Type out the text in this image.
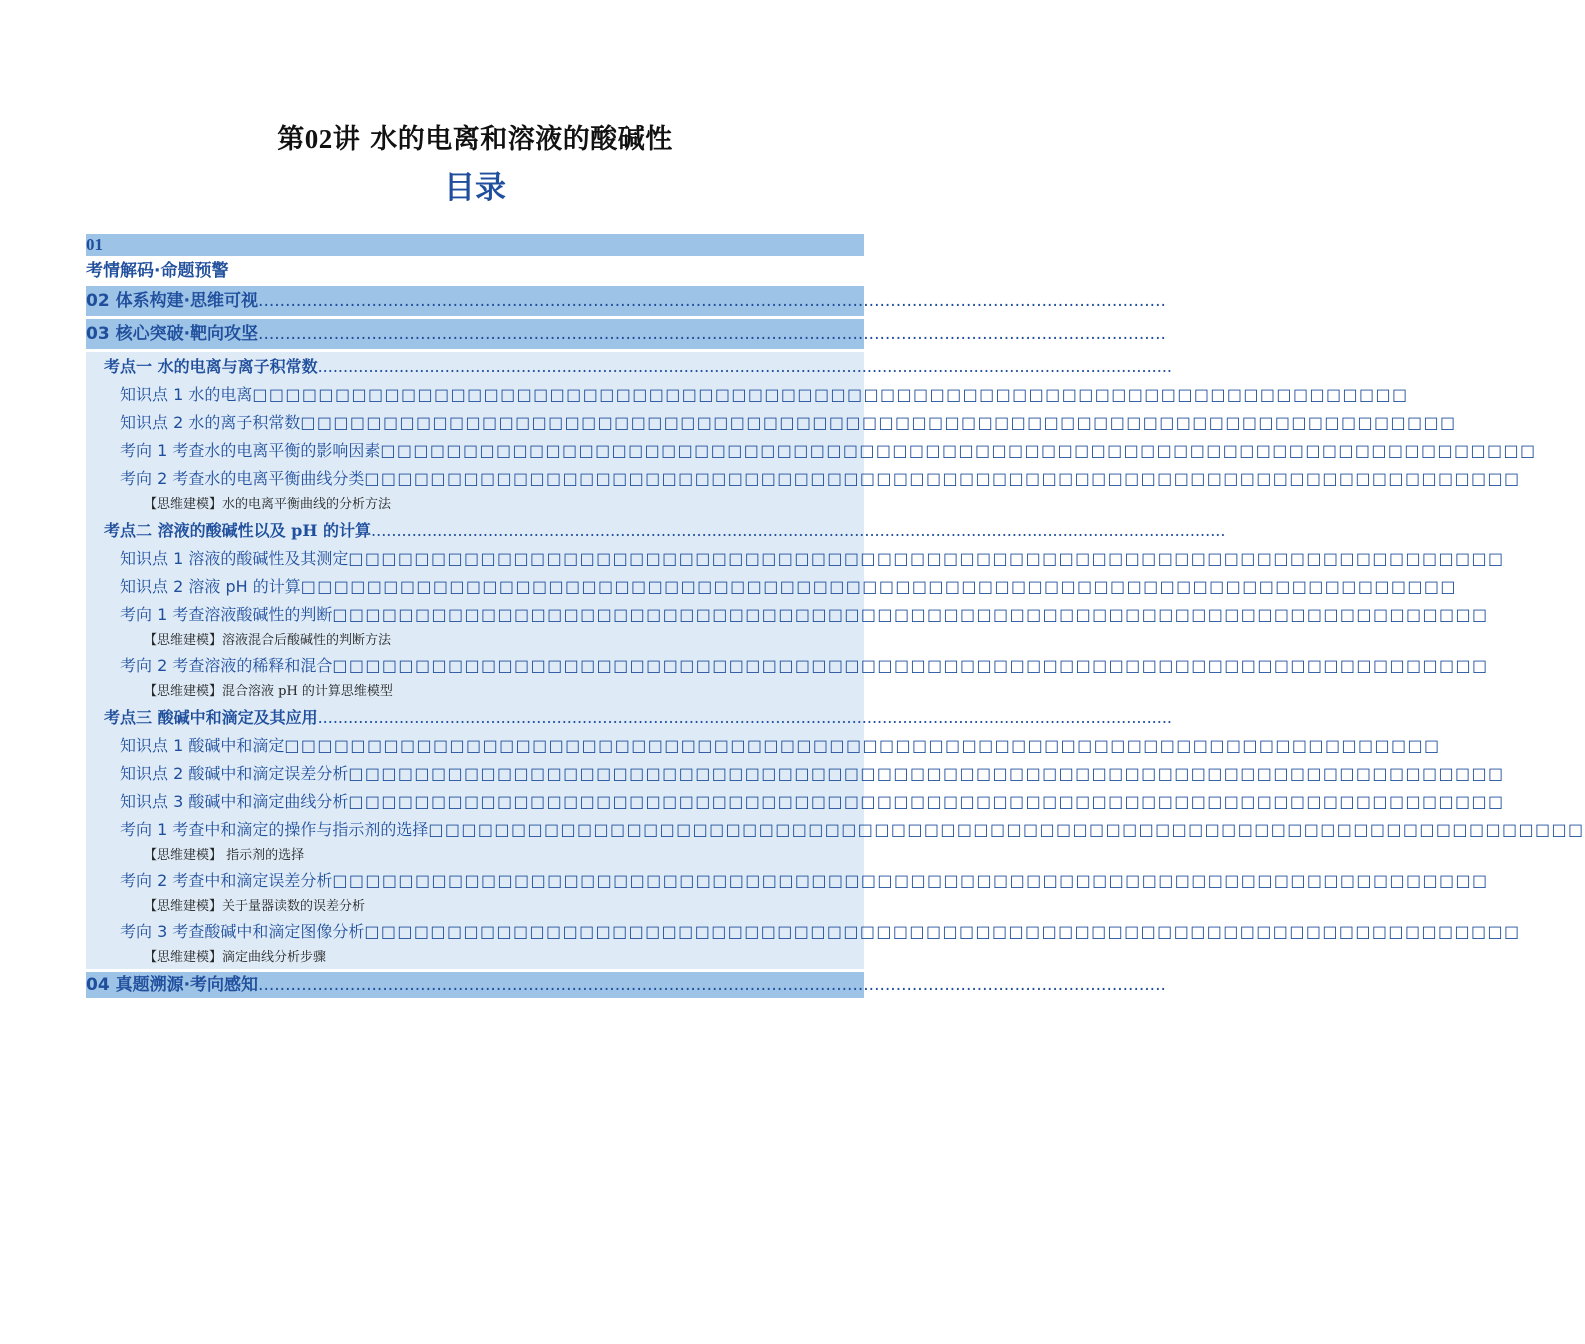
第02讲 水的电离和溶液的酸碱性
目录
01
考情解码·命题预警
02 体系构建·思维可视........................................................................................................................................................................
03 核心突破·靶向攻坚........................................................................................................................................................................
考点一 水的电离与离子积常数........................................................................................................................................................................
知识点 1 水的电离□□□□□□□□□□□□□□□□□□□□□□□□□□□□□□□□□□□□□□□□□□□□□□□□□□□□□□□□□□□□□□□□□□□□□□
知识点 2 水的离子积常数□□□□□□□□□□□□□□□□□□□□□□□□□□□□□□□□□□□□□□□□□□□□□□□□□□□□□□□□□□□□□□□□□□□□□□
考向 1 考查水的电离平衡的影响因素□□□□□□□□□□□□□□□□□□□□□□□□□□□□□□□□□□□□□□□□□□□□□□□□□□□□□□□□□□□□□□□□□□□□□□
考向 2 考查水的电离平衡曲线分类□□□□□□□□□□□□□□□□□□□□□□□□□□□□□□□□□□□□□□□□□□□□□□□□□□□□□□□□□□□□□□□□□□□□□□
【思维建模】水的电离平衡曲线的分析方法
考点二 溶液的酸碱性以及 pH 的计算........................................................................................................................................................................
知识点 1 溶液的酸碱性及其测定□□□□□□□□□□□□□□□□□□□□□□□□□□□□□□□□□□□□□□□□□□□□□□□□□□□□□□□□□□□□□□□□□□□□□□
知识点 2 溶液 pH 的计算□□□□□□□□□□□□□□□□□□□□□□□□□□□□□□□□□□□□□□□□□□□□□□□□□□□□□□□□□□□□□□□□□□□□□□
考向 1 考查溶液酸碱性的判断□□□□□□□□□□□□□□□□□□□□□□□□□□□□□□□□□□□□□□□□□□□□□□□□□□□□□□□□□□□□□□□□□□□□□□
【思维建模】溶液混合后酸碱性的判断方法
考向 2 考查溶液的稀释和混合□□□□□□□□□□□□□□□□□□□□□□□□□□□□□□□□□□□□□□□□□□□□□□□□□□□□□□□□□□□□□□□□□□□□□□
【思维建模】混合溶液 pH 的计算思维模型
考点三 酸碱中和滴定及其应用........................................................................................................................................................................
知识点 1 酸碱中和滴定□□□□□□□□□□□□□□□□□□□□□□□□□□□□□□□□□□□□□□□□□□□□□□□□□□□□□□□□□□□□□□□□□□□□□□
知识点 2 酸碱中和滴定误差分析□□□□□□□□□□□□□□□□□□□□□□□□□□□□□□□□□□□□□□□□□□□□□□□□□□□□□□□□□□□□□□□□□□□□□□
知识点 3 酸碱中和滴定曲线分析□□□□□□□□□□□□□□□□□□□□□□□□□□□□□□□□□□□□□□□□□□□□□□□□□□□□□□□□□□□□□□□□□□□□□□
考向 1 考查中和滴定的操作与指示剂的选择□□□□□□□□□□□□□□□□□□□□□□□□□□□□□□□□□□□□□□□□□□□□□□□□□□□□□□□□□□□□□□□□□□□□□□
【思维建模】 指示剂的选择
考向 2 考查中和滴定误差分析□□□□□□□□□□□□□□□□□□□□□□□□□□□□□□□□□□□□□□□□□□□□□□□□□□□□□□□□□□□□□□□□□□□□□□
【思维建模】关于量器读数的误差分析
考向 3 考查酸碱中和滴定图像分析□□□□□□□□□□□□□□□□□□□□□□□□□□□□□□□□□□□□□□□□□□□□□□□□□□□□□□□□□□□□□□□□□□□□□□
【思维建模】滴定曲线分析步骤
04 真题溯源·考向感知........................................................................................................................................................................
